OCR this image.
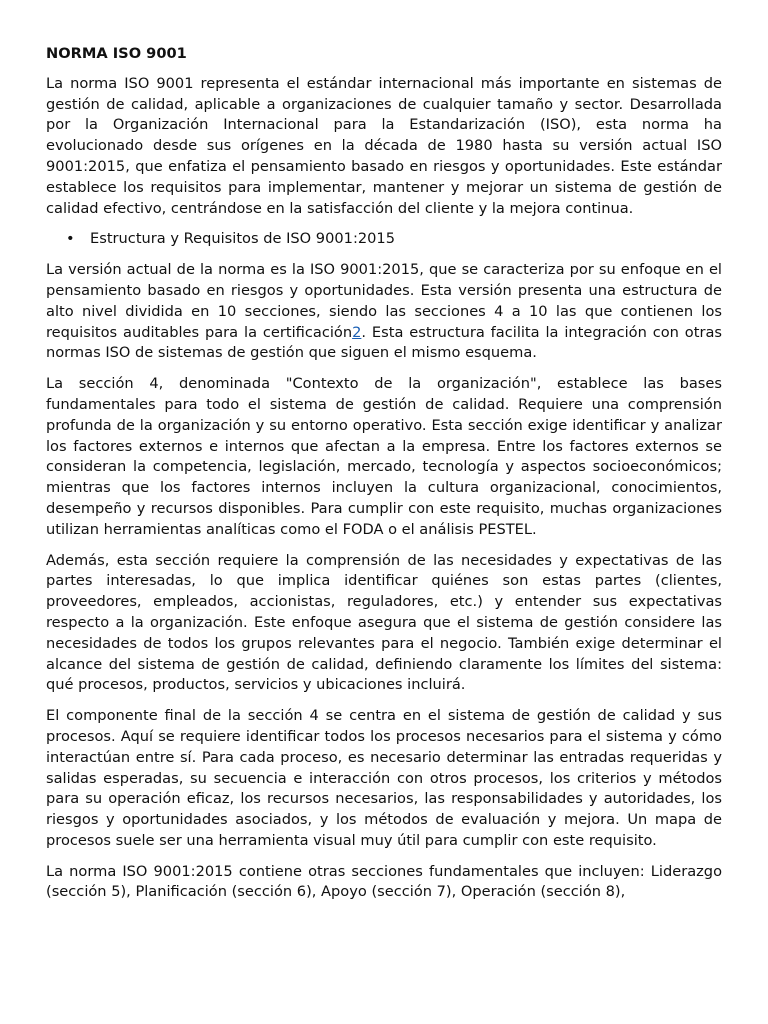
NORMA ISO 9001

La norma ISO 9001 representa el estándar internacional más importante en sistemas de gestión de calidad, aplicable a organizaciones de cualquier tamaño y sector. Desarrollada por la Organización Internacional para la Estandarización (ISO), esta norma ha evolucionado desde sus orígenes en la década de 1980 hasta su versión actual ISO 9001:2015, que enfatiza el pensamiento basado en riesgos y oportunidades. Este estándar establece los requisitos para implementar, mantener y mejorar un sistema de gestión de calidad efectivo, centrándose en la satisfacción del cliente y la mejora continua.

• Estructura y Requisitos de ISO 9001:2015

La versión actual de la norma es la ISO 9001:2015, que se caracteriza por su enfoque en el pensamiento basado en riesgos y oportunidades. Esta versión presenta una estructura de alto nivel dividida en 10 secciones, siendo las secciones 4 a 10 las que contienen los requisitos auditables para la certificación2. Esta estructura facilita la integración con otras normas ISO de sistemas de gestión que siguen el mismo esquema.

La sección 4, denominada "Contexto de la organización", establece las bases fundamentales para todo el sistema de gestión de calidad. Requiere una comprensión profunda de la organización y su entorno operativo. Esta sección exige identificar y analizar los factores externos e internos que afectan a la empresa. Entre los factores externos se consideran la competencia, legislación, mercado, tecnología y aspectos socioeconómicos; mientras que los factores internos incluyen la cultura organizacional, conocimientos, desempeño y recursos disponibles. Para cumplir con este requisito, muchas organizaciones utilizan herramientas analíticas como el FODA o el análisis PESTEL.

Además, esta sección requiere la comprensión de las necesidades y expectativas de las partes interesadas, lo que implica identificar quiénes son estas partes (clientes, proveedores, empleados, accionistas, reguladores, etc.) y entender sus expectativas respecto a la organización. Este enfoque asegura que el sistema de gestión considere las necesidades de todos los grupos relevantes para el negocio. También exige determinar el alcance del sistema de gestión de calidad, definiendo claramente los límites del sistema: qué procesos, productos, servicios y ubicaciones incluirá.

El componente final de la sección 4 se centra en el sistema de gestión de calidad y sus procesos. Aquí se requiere identificar todos los procesos necesarios para el sistema y cómo interactúan entre sí. Para cada proceso, es necesario determinar las entradas requeridas y salidas esperadas, su secuencia e interacción con otros procesos, los criterios y métodos para su operación eficaz, los recursos necesarios, las responsabilidades y autoridades, los riesgos y oportunidades asociados, y los métodos de evaluación y mejora. Un mapa de procesos suele ser una herramienta visual muy útil para cumplir con este requisito.

La norma ISO 9001:2015 contiene otras secciones fundamentales que incluyen: Liderazgo (sección 5), Planificación (sección 6), Apoyo (sección 7), Operación (sección 8),
